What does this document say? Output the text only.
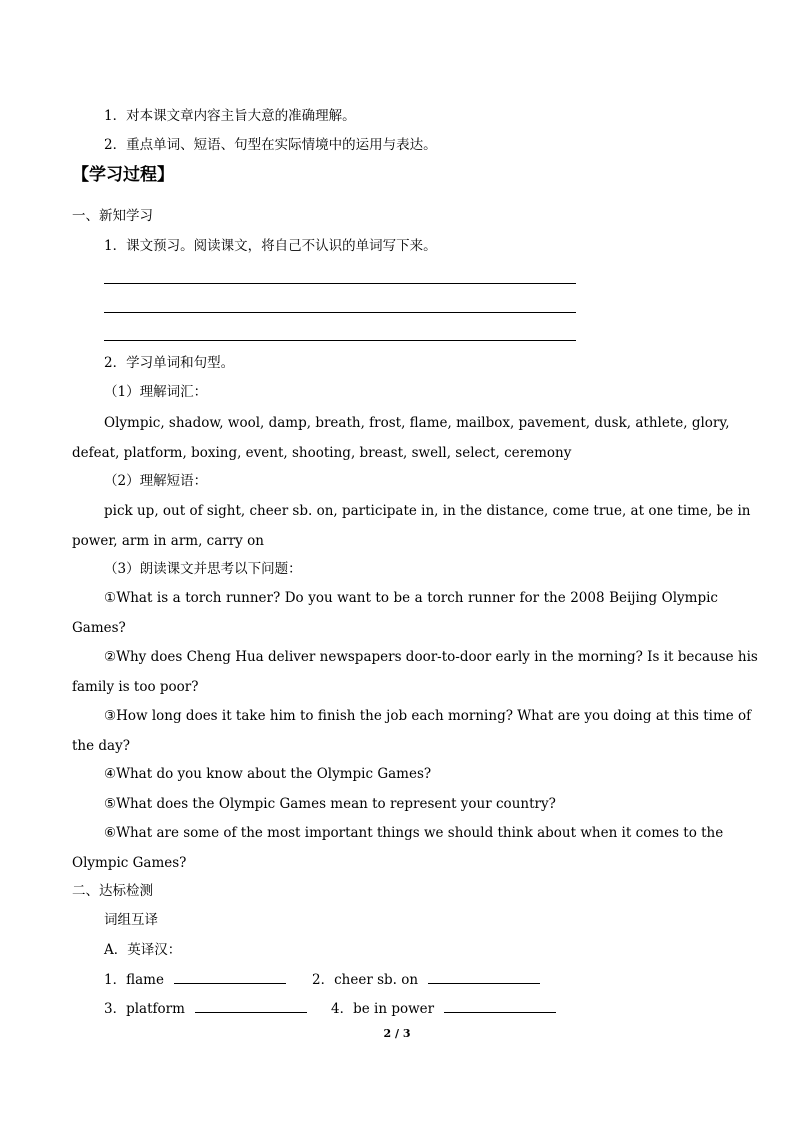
1．对本课文章内容主旨大意的准确理解。
2．重点单词、短语、句型在实际情境中的运用与表达。
【学习过程】
一、新知学习
1．课文预习。阅读课文，将自己不认识的单词写下来。
2．学习单词和句型。
（1）理解词汇：
Olympic, shadow, wool, damp, breath, frost, flame, mailbox, pavement, dusk, athlete, glory,
defeat, platform, boxing, event, shooting, breast, swell, select, ceremony
（2）理解短语：
pick up, out of sight, cheer sb. on, participate in, in the distance, come true, at one time, be in
power, arm in arm, carry on
（3）朗读课文并思考以下问题：
①What is a torch runner? Do you want to be a torch runner for the 2008 Beijing Olympic
Games?
②Why does Cheng Hua deliver newspapers door-to-door early in the morning? Is it because his
family is too poor?
③How long does it take him to finish the job each morning? What are you doing at this time of
the day?
④What do you know about the Olympic Games?
⑤What does the Olympic Games mean to represent your country?
⑥What are some of the most important things we should think about when it comes to the
Olympic Games?
二、达标检测
词组互译
A．英译汉：
1．flame	2．cheer sb. on
3．platform	4．be in power
2 / 3
